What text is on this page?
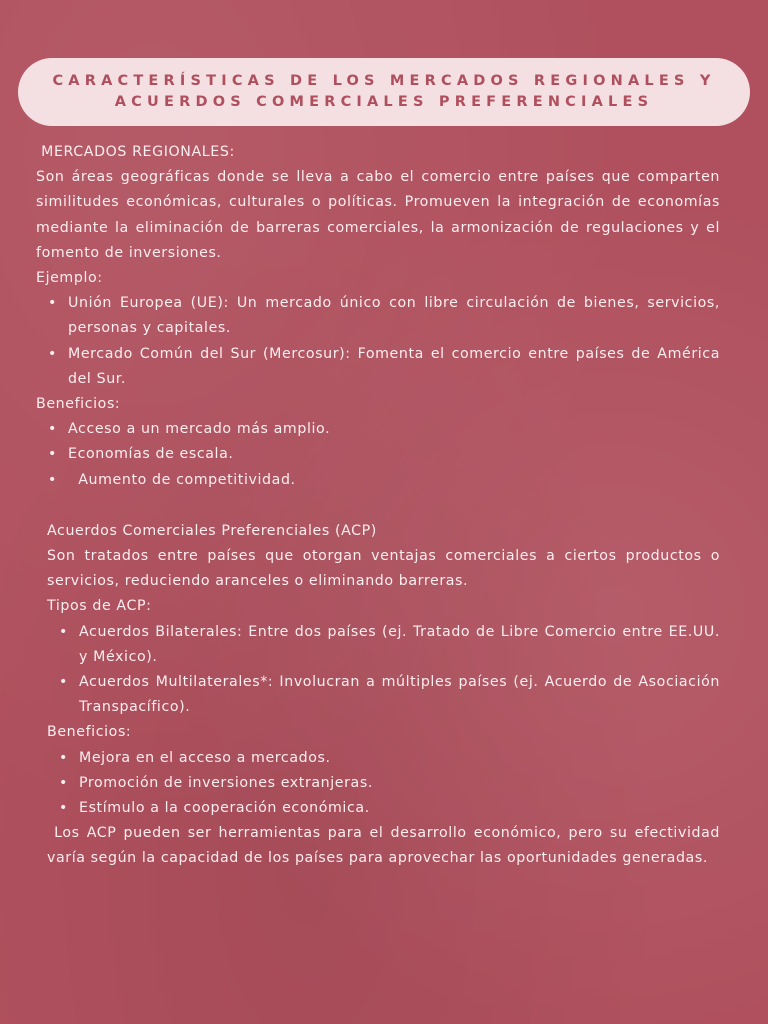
CARACTERÍSTICAS DE LOS MERCADOS REGIONALES Y
ACUERDOS COMERCIALES PREFERENCIALES
MERCADOS REGIONALES:

Son áreas geográficas donde se lleva a cabo el comercio entre países que comparten similitudes económicas, culturales o políticas. Promueven la integración de economías mediante la eliminación de barreras comerciales, la armonización de regulaciones y el fomento de inversiones.

Ejemplo:
• Unión Europea (UE): Un mercado único con libre circulación de bienes, servicios, personas y capitales.
• Mercado Común del Sur (Mercosur): Fomenta el comercio entre países de América del Sur.
Beneficios:
• Acceso a un mercado más amplio.
• Economías de escala.
• Aumento de competitividad.
Acuerdos Comerciales Preferenciales (ACP)

Son tratados entre países que otorgan ventajas comerciales a ciertos productos o servicios, reduciendo aranceles o eliminando barreras.

Tipos de ACP:
• Acuerdos Bilaterales: Entre dos países (ej. Tratado de Libre Comercio entre EE.UU. y México).
• Acuerdos Multilaterales*: Involucran a múltiples países (ej. Acuerdo de Asociación Transpacífico).
Beneficios:
• Mejora en el acceso a mercados.
• Promoción de inversiones extranjeras.
• Estímulo a la cooperación económica.

Los ACP pueden ser herramientas para el desarrollo económico, pero su efectividad varía según la capacidad de los países para aprovechar las oportunidades generadas.
